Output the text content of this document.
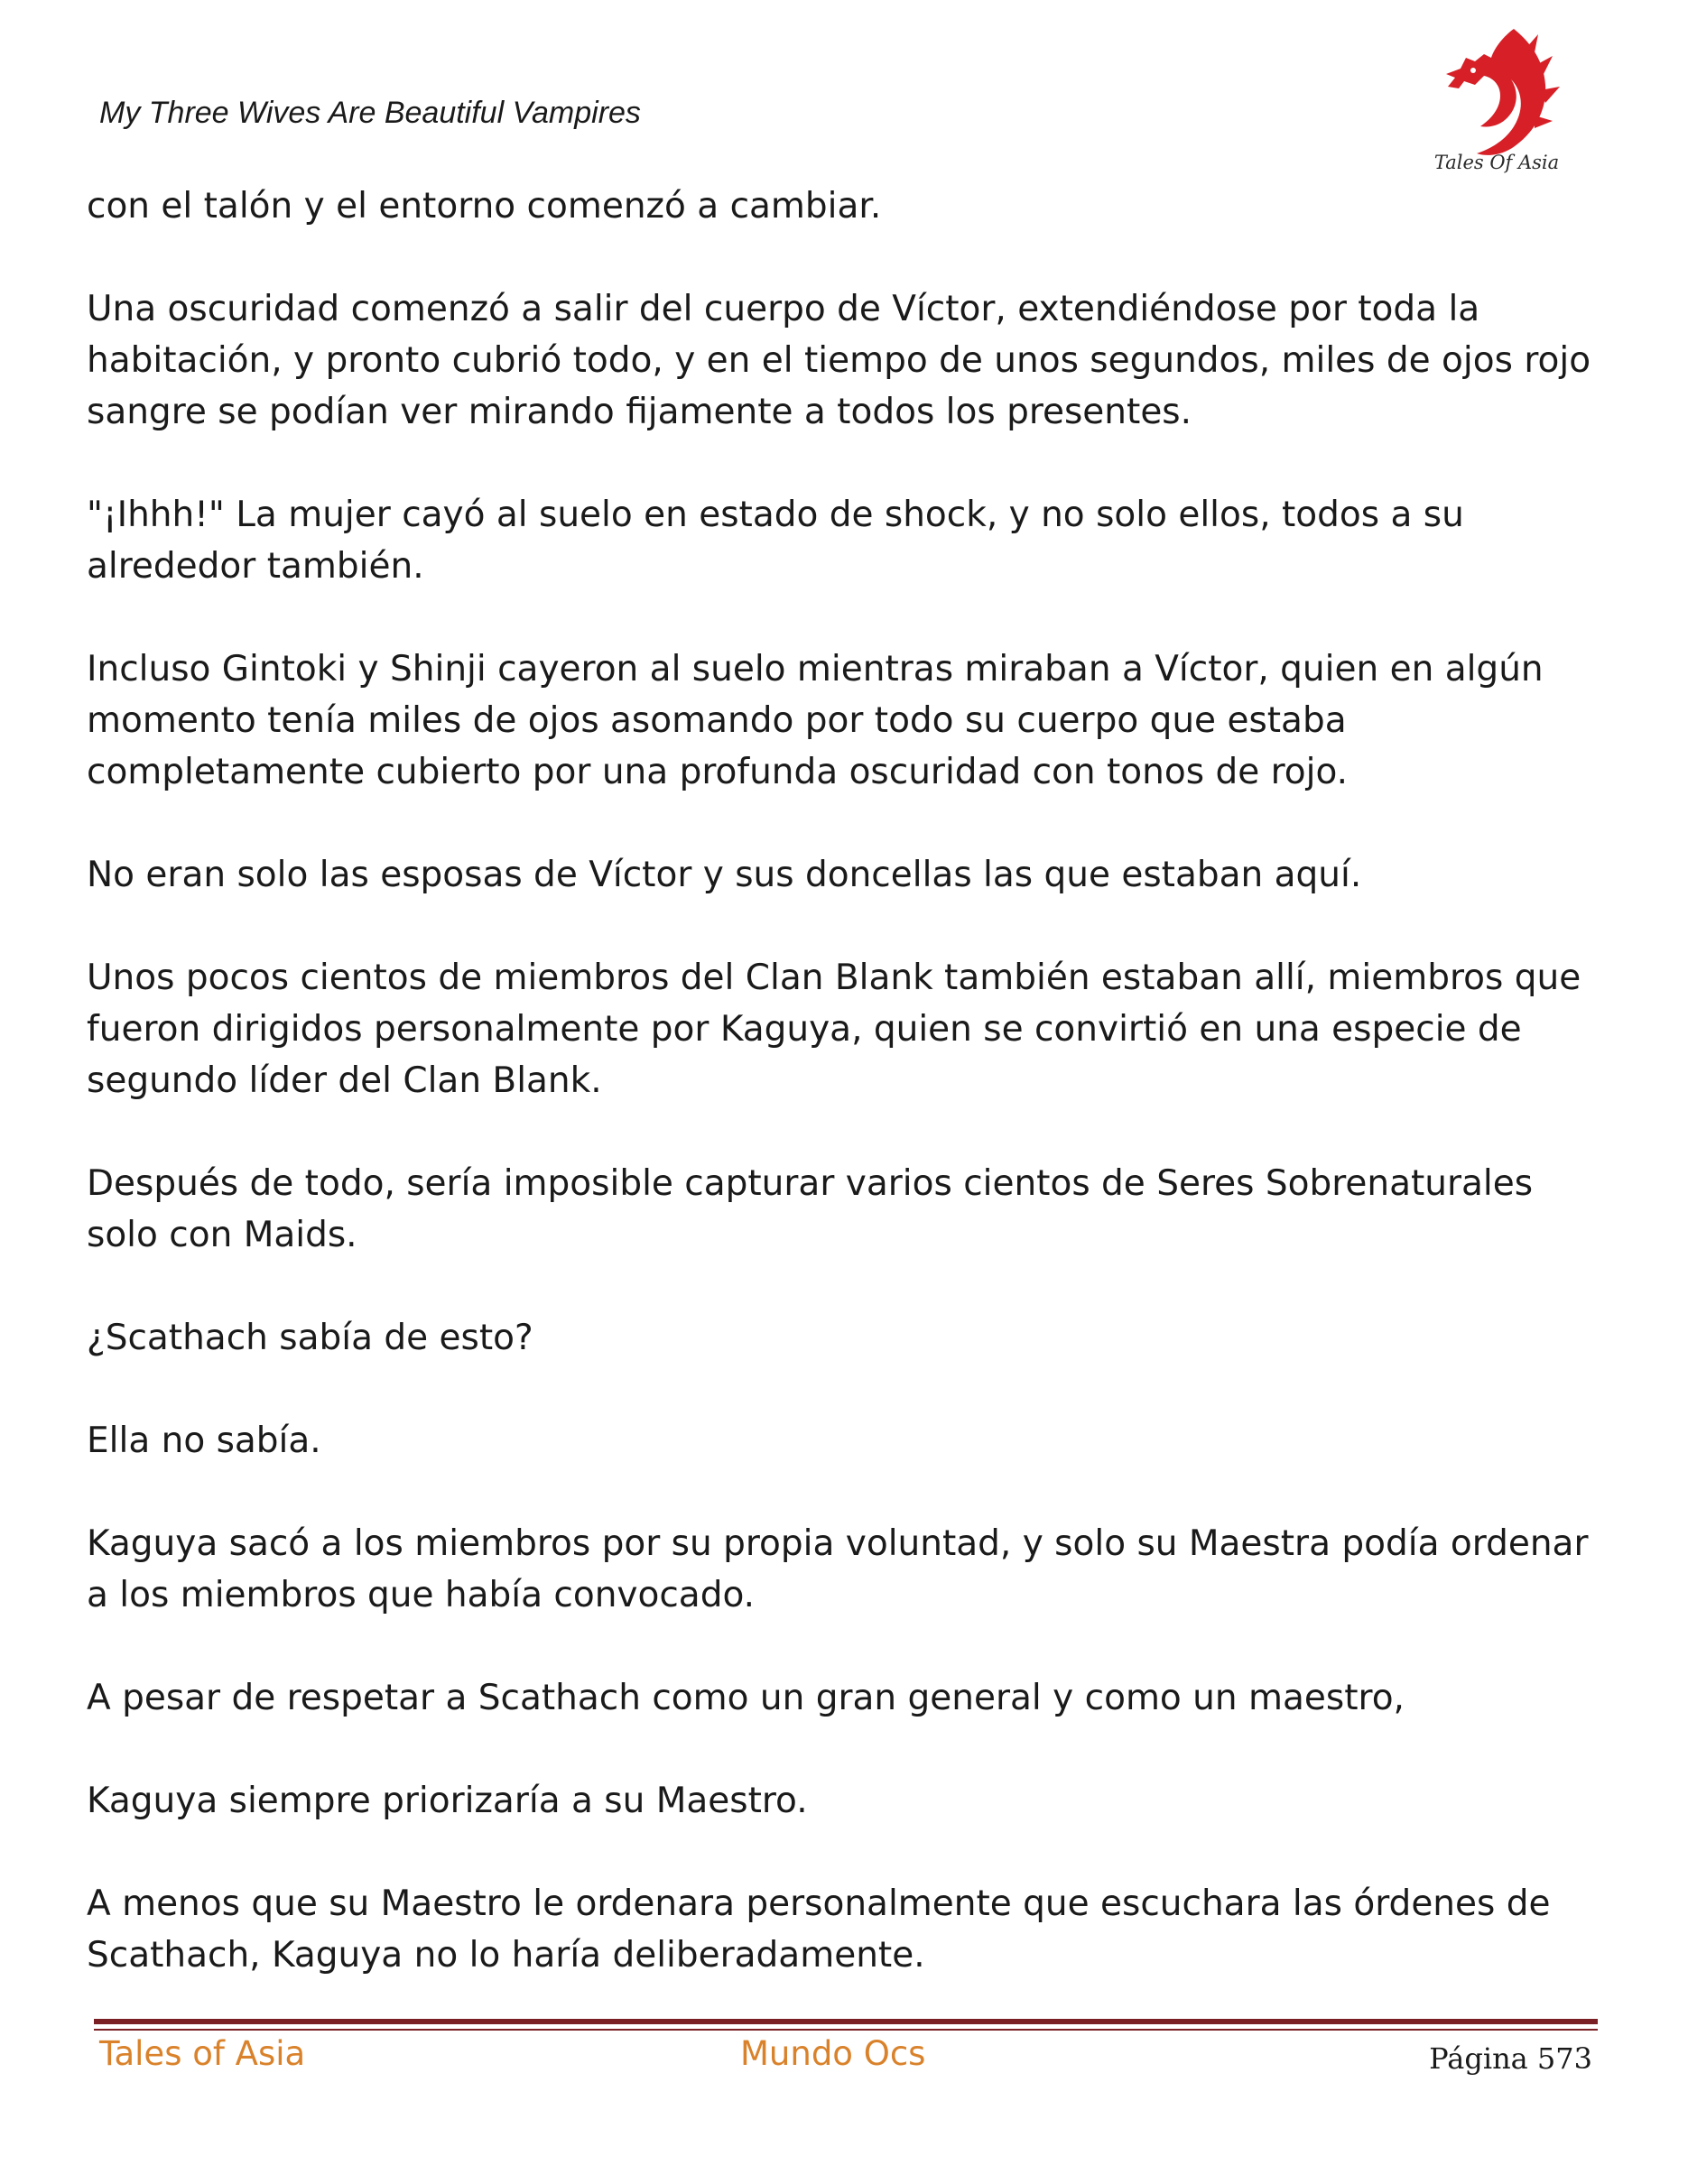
My Three Wives Are Beautiful Vampires
Tales Of Asia

con el talón y el entorno comenzó a cambiar.

Una oscuridad comenzó a salir del cuerpo de Víctor, extendiéndose por toda la habitación, y pronto cubrió todo, y en el tiempo de unos segundos, miles de ojos rojo sangre se podían ver mirando fijamente a todos los presentes.

"¡Ihhh!" La mujer cayó al suelo en estado de shock, y no solo ellos, todos a su alrededor también.

Incluso Gintoki y Shinji cayeron al suelo mientras miraban a Víctor, quien en algún momento tenía miles de ojos asomando por todo su cuerpo que estaba completamente cubierto por una profunda oscuridad con tonos de rojo.

No eran solo las esposas de Víctor y sus doncellas las que estaban aquí.

Unos pocos cientos de miembros del Clan Blank también estaban allí, miembros que fueron dirigidos personalmente por Kaguya, quien se convirtió en una especie de segundo líder del Clan Blank.

Después de todo, sería imposible capturar varios cientos de Seres Sobrenaturales solo con Maids.

¿Scathach sabía de esto?

Ella no sabía.

Kaguya sacó a los miembros por su propia voluntad, y solo su Maestra podía ordenar a los miembros que había convocado.

A pesar de respetar a Scathach como un gran general y como un maestro,

Kaguya siempre priorizaría a su Maestro.

A menos que su Maestro le ordenara personalmente que escuchara las órdenes de Scathach, Kaguya no lo haría deliberadamente.

Tales of Asia	Mundo Ocs	Página 573
